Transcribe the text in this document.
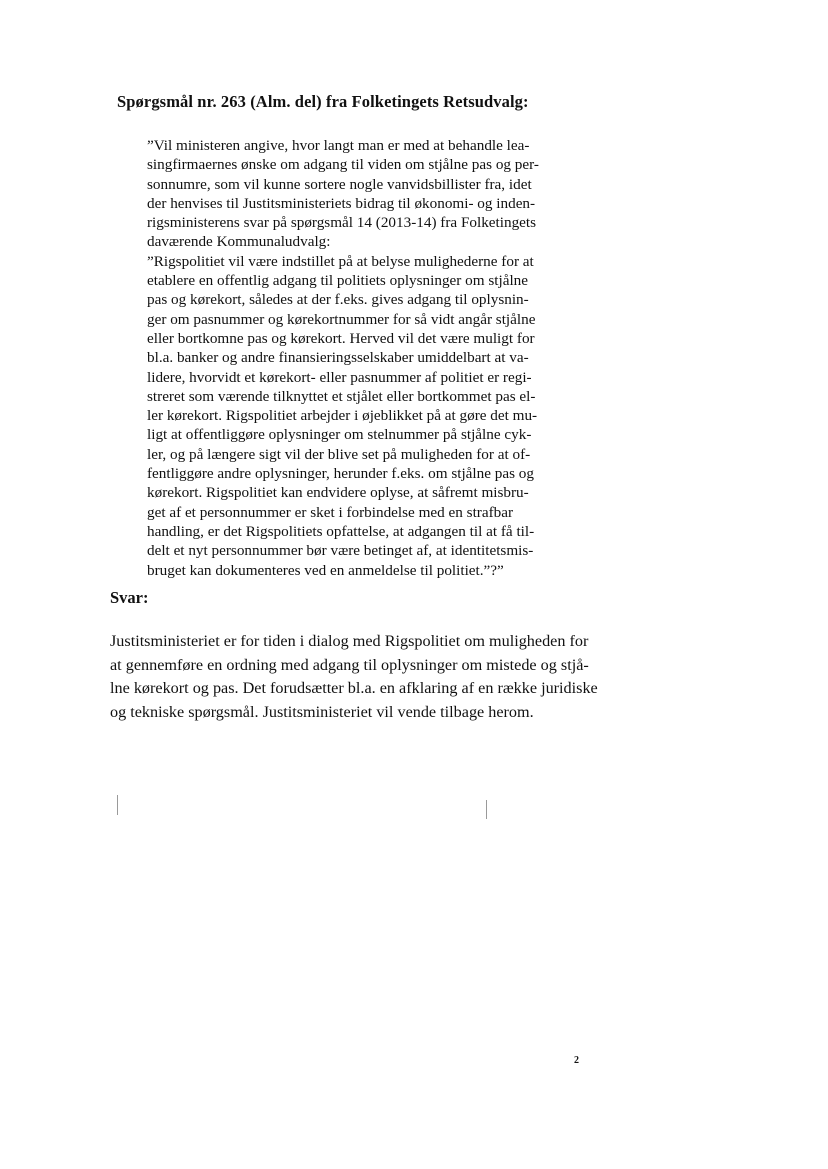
Spørgsmål nr. 263 (Alm. del) fra Folketingets Retsudvalg:
”Vil ministeren angive, hvor langt man er med at behandle lea-
singfirmaernes ønske om adgang til viden om stjålne pas og per-
sonnumre, som vil kunne sortere nogle vanvidsbillister fra, idet
der henvises til Justitsministeriets bidrag til økonomi- og inden-
rigsministerens svar på spørgsmål 14 (2013-14) fra Folketingets
daværende Kommunaludvalg:
”Rigspolitiet vil være indstillet på at belyse mulighederne for at
etablere en offentlig adgang til politiets oplysninger om stjålne
pas og kørekort, således at der f.eks. gives adgang til oplysnin-
ger om pasnummer og kørekortnummer for så vidt angår stjålne
eller bortkomne pas og kørekort. Herved vil det være muligt for
bl.a. banker og andre finansieringsselskaber umiddelbart at va-
lidere, hvorvidt et kørekort- eller pasnummer af politiet er regi-
streret som værende tilknyttet et stjålet eller bortkommet pas el-
ler kørekort. Rigspolitiet arbejder i øjeblikket på at gøre det mu-
ligt at offentliggøre oplysninger om stelnummer på stjålne cyk-
ler, og på længere sigt vil der blive set på muligheden for at of-
fentliggøre andre oplysninger, herunder f.eks. om stjålne pas og
kørekort. Rigspolitiet kan endvidere oplyse, at såfremt misbru-
get af et personnummer er sket i forbindelse med en strafbar
handling, er det Rigspolitiets opfattelse, at adgangen til at få til-
delt et nyt personnummer bør være betinget af, at identitetsmis-
bruget kan dokumenteres ved en anmeldelse til politiet.”?”
Svar:
Justitsministeriet er for tiden i dialog med Rigspolitiet om muligheden for
at gennemføre en ordning med adgang til oplysninger om mistede og stjå-
lne kørekort og pas. Det forudsætter bl.a. en afklaring af en række juridiske
og tekniske spørgsmål. Justitsministeriet vil vende tilbage herom.
2
